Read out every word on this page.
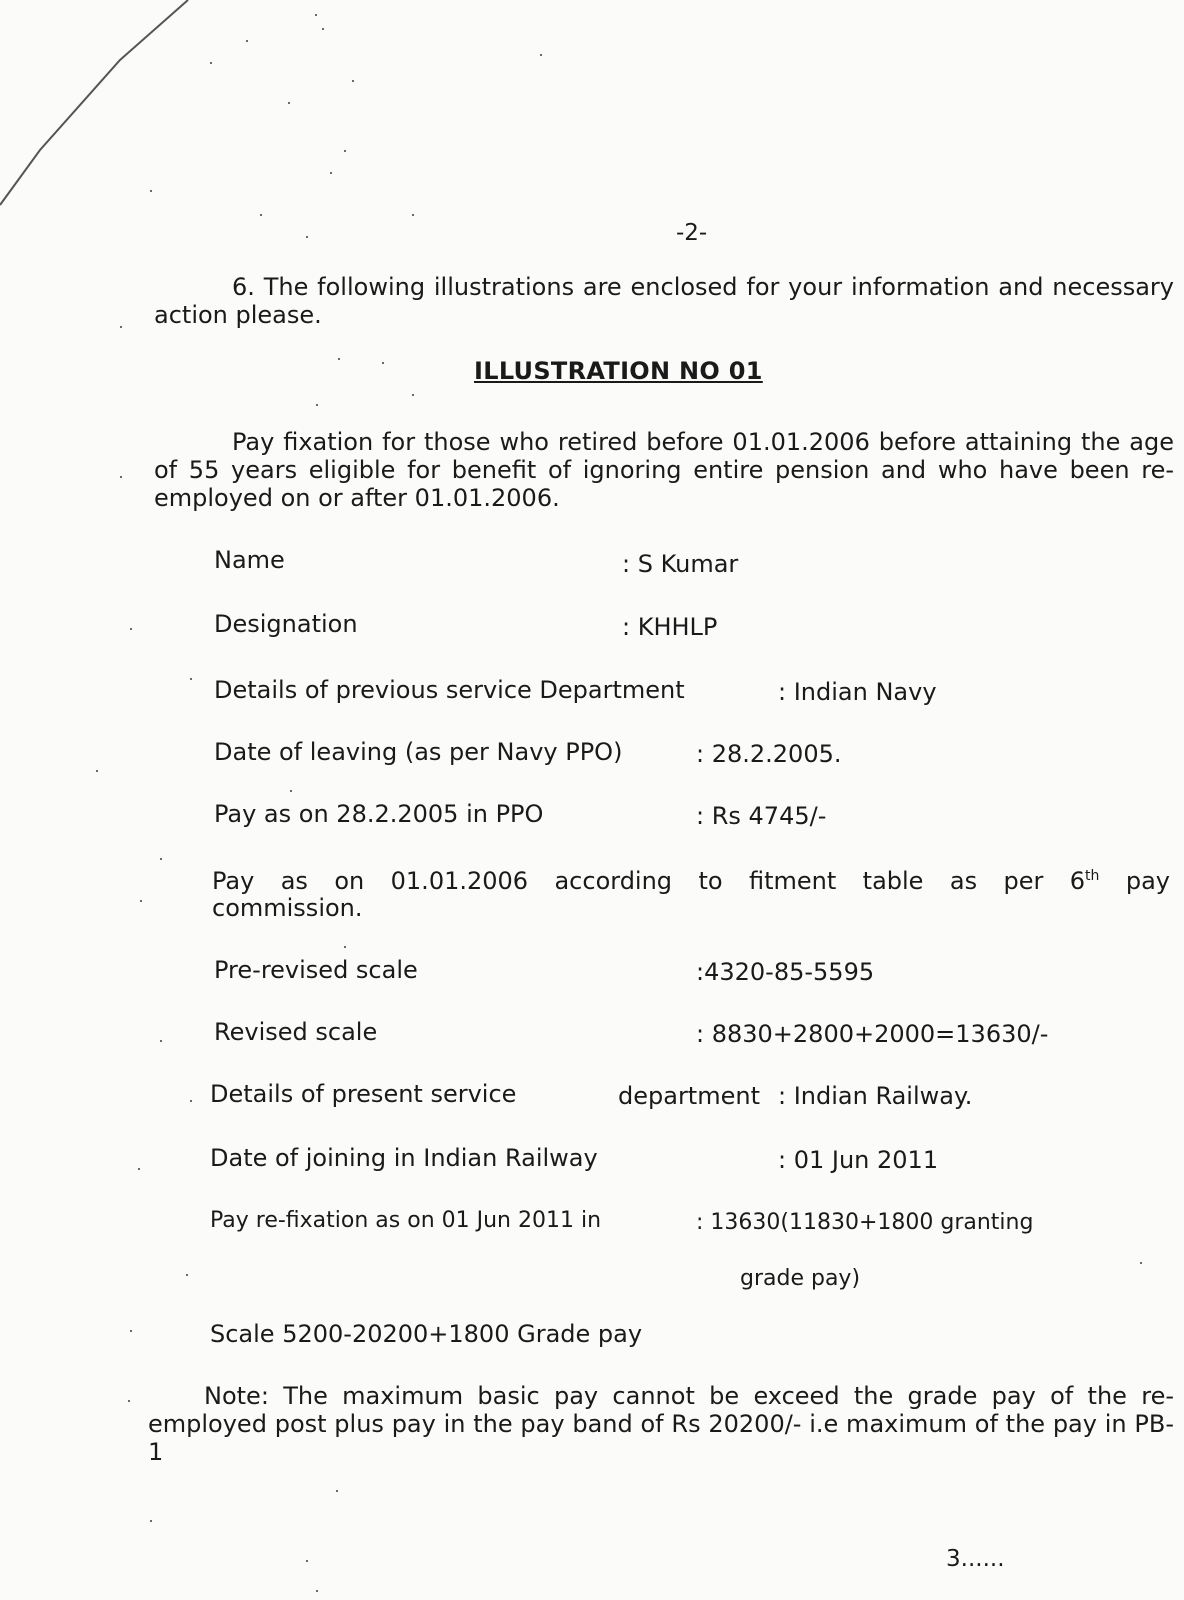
-2-
6. The following illustrations are enclosed for your information and necessary action please.
ILLUSTRATION NO 01
Pay fixation for those who retired before 01.01.2006 before attaining the age of 55 years eligible for benefit of ignoring entire pension and who have been re-employed on or after 01.01.2006.
Name	: S Kumar
Designation	: KHHLP
Details of previous service Department	: Indian Navy
Date of leaving (as per Navy PPO)	: 28.2.2005.
Pay as on 28.2.2005 in PPO	: Rs 4745/-
Pay as on 01.01.2006 according to fitment table as per 6th pay
commission.
Pre-revised scale	:4320-85-5595
Revised scale	: 8830+2800+2000=13630/-
Details of present service	department : Indian Railway.
Date of joining in Indian Railway	: 01 Jun 2011
Pay re-fixation as on 01 Jun 2011 in	: 13630(11830+1800 granting
grade pay)
Scale 5200-20200+1800 Grade pay
Note: The maximum basic pay cannot be exceed the grade pay of the re-employed post plus pay in the pay band of Rs 20200/- i.e maximum of the pay in PB-1
3......
